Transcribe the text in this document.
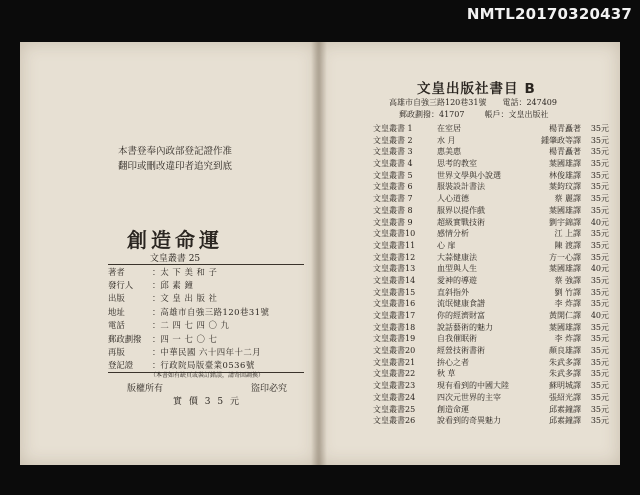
NMTL20170320437
本書登奉內政部登記證作准
翻印或刪改違印者追究到底
創造命運
文皇叢書 25
著者	：	太 下 美 和 子
發行人	：	邱 素 鐘
出版	：	文 皇 出 版 社
地址	：	高雄市自強三路120巷31號
電話	：	二 四 七 四 〇 九
郵政劃撥	：	四 一 七 〇 七
再版	：	中華民國 六十四年十二月
登記證	：	行政院局版臺業0536號
（本書如有缺頁或裝訂錯誤，請寄回調換）
版權所有	盜印必究
實 價 3 5 元
文皇出版社書目 B
高雄市自強三路120巷31號 電話：247409
郵政劃撥：41707	帳戶：文皇出版社
文皇叢書 1	在室居	楊青矗著	35元
文皇叢書 2	水 月	鍾肇政等譯	35元
文皇叢書 3	惠美惠	楊青矗著	35元
文皇叢書 4	思考的教室	葉國雄譯	35元
文皇叢書 5	世界文學與小說選	林俊雄譯	35元
文皇叢書 6	服裝設計書法	葉鈞玟譯	35元
文皇叢書 7	人心道德	蔡 麗譯	35元
文皇叢書 8	服界以提作戲	葉國雄譯	35元
文皇叢書 9	超級實戰技術	劉宇錦譯	40元
文皇叢書10	感情分析	江 上譯	35元
文皇叢書11	心 扉	陳 渡譯	35元
文皇叢書12	大蒜健康法	方一心譯	35元
文皇叢書13	血型與人生	葉國雄譯	40元
文皇叢書14	愛神的導遊	蔡 強譯	35元
文皇叢書15	直斜指外	劉 竹譯	35元
文皇叢書16	流氓健康食譜	李 炸譯	35元
文皇叢書17	你的經濟財富	黃開仁譯	40元
文皇叢書18	說話藝術的魅力	葉國雄譯	35元
文皇叢書19	自我催眠術	李 炸譯	35元
文皇叢書20	經營技術書術	顏良雄譯	35元
文皇叢書21	拚心之者	朱武多譯	35元
文皇叢書22	秋 草	朱武多譯	35元
文皇叢書23	現有看到的中國大陸	蘇明城譯	35元
文皇叢書24	四次元世界的主宰	張紹光譯	35元
文皇叢書25	創造命運	邱素鐘譯	35元
文皇叢書26	說看到的奇異魅力	邱素鐘譯	35元
